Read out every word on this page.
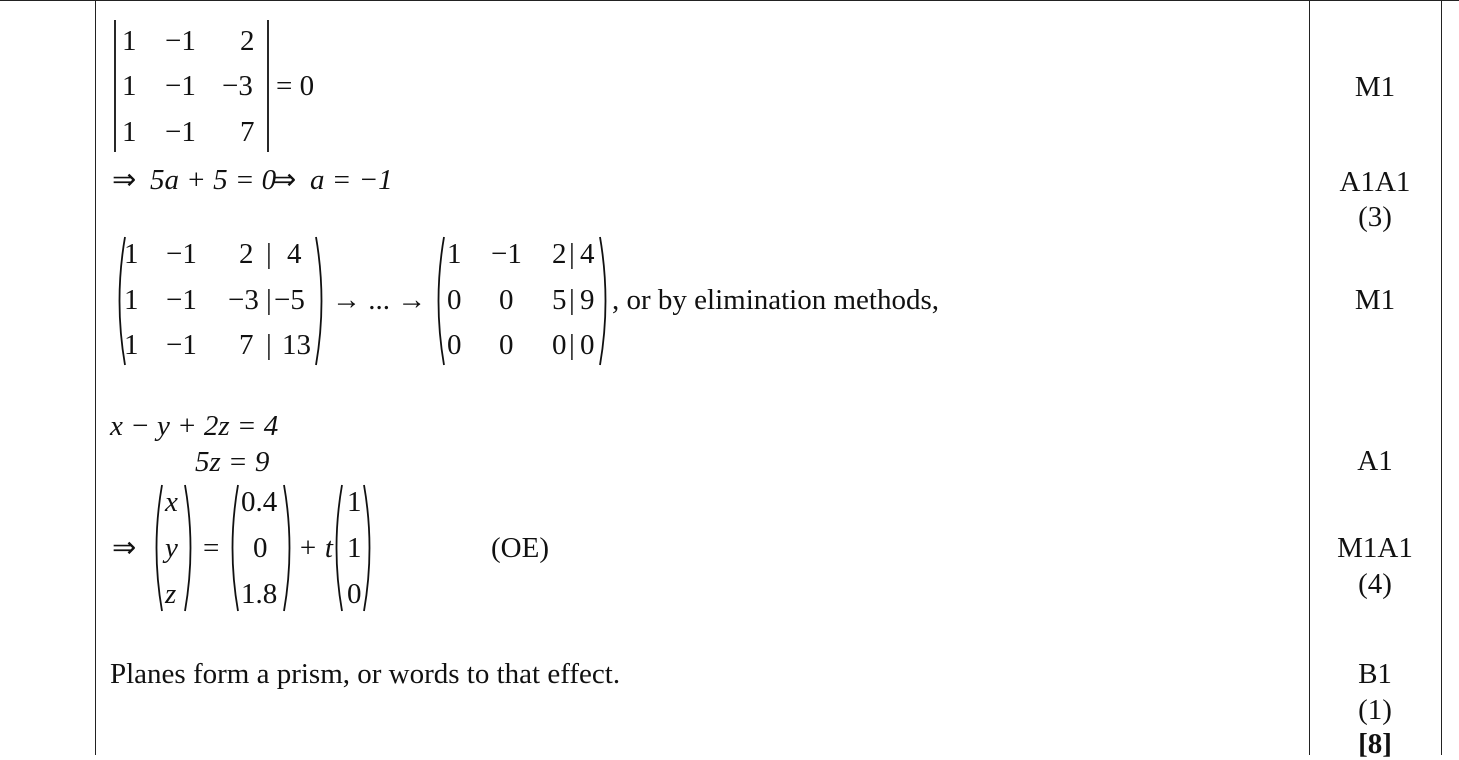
1 −1 2
1 −1 −3
1 −1 7
= 0
⇒ 5a + 5 = 0
⇒ a = −1
1 −1 2 | 4
1 −1 −3 | −5
1 −1 7 | 13
→ ... →
1 −1 2 | 4
0 0 5 | 9
0 0 0 | 0
, or by elimination methods,
x − y + 2z = 4
5z = 9
⇒
x
y
z
=
0.4
0
1.8
+ t
1
1
0
(OE)
Planes form a prism, or words to that effect.
M1
A1A1
(3)
M1
A1
M1A1
(4)
B1
(1)
[8]
